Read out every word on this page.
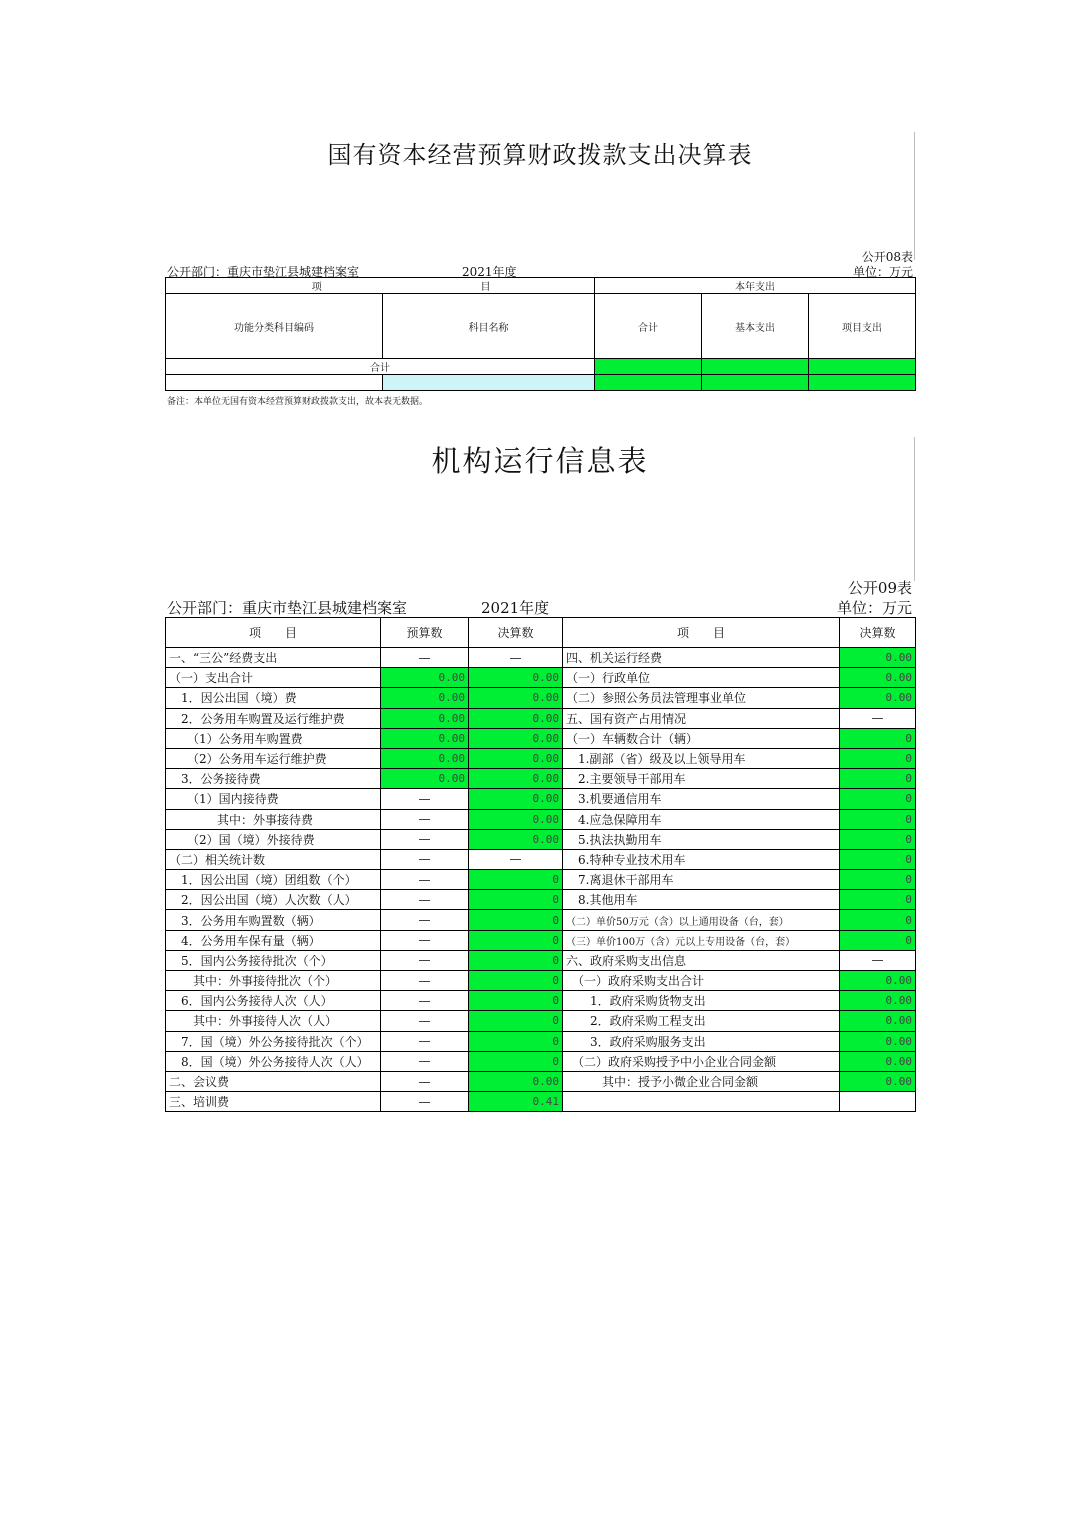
国有资本经营预算财政拨款支出决算表
公开08表
公开部门：重庆市垫江县城建档案室	2021年度	单位：万元
项 目		本年支出		
功能分类科目编码	科目名称	合计	基本支出	项目支出
合计				

备注：本单位无国有资本经营预算财政拨款支出，故本表无数据。
机构运行信息表
公开09表
公开部门：重庆市垫江县城建档案室	2021年度	单位：万元
项　　目	预算数	决算数	项　　目	决算数
一、“三公”经费支出	—	—	四、机关运行经费	0.00
（一）支出合计	0.00	0.00	（一）行政单位	0.00
　1．因公出国（境）费	0.00	0.00	（二）参照公务员法管理事业单位	0.00
　2．公务用车购置及运行维护费	0.00	0.00	五、国有资产占用情况	—
　　（1）公务用车购置费	0.00	0.00	（一）车辆数合计（辆）	0
　　（2）公务用车运行维护费	0.00	0.00	　1.副部（省）级及以上领导用车	0
　3．公务接待费	0.00	0.00	　2.主要领导干部用车	0
　　（1）国内接待费	—	0.00	　3.机要通信用车	0
　　　　其中：外事接待费	—	0.00	　4.应急保障用车	0
　　（2）国（境）外接待费	—	0.00	　5.执法执勤用车	0
（二）相关统计数	—	—	　6.特种专业技术用车	0
　1．因公出国（境）团组数（个）	—	0	　7.离退休干部用车	0
　2．因公出国（境）人次数（人）	—	0	　8.其他用车	0
　3．公务用车购置数（辆）	—	0	（二）单价50万元（含）以上通用设备（台，套）	0
　4．公务用车保有量（辆）	—	0	（三）单价100万（含）元以上专用设备（台，套）	0
　5．国内公务接待批次（个）	—	0	六、政府采购支出信息	—
　　其中：外事接待批次（个）	—	0	　（一）政府采购支出合计	0.00
　6．国内公务接待人次（人）	—	0	　　1．政府采购货物支出	0.00
　　其中：外事接待人次（人）	—	0	　　2．政府采购工程支出	0.00
　7．国（境）外公务接待批次（个）	—	0	　　3．政府采购服务支出	0.00
　8．国（境）外公务接待人次（人）	—	0	　（二）政府采购授予中小企业合同金额	0.00
二、会议费	—	0.00	　　　其中：授予小微企业合同金额	0.00
三、培训费	—	0.41		
